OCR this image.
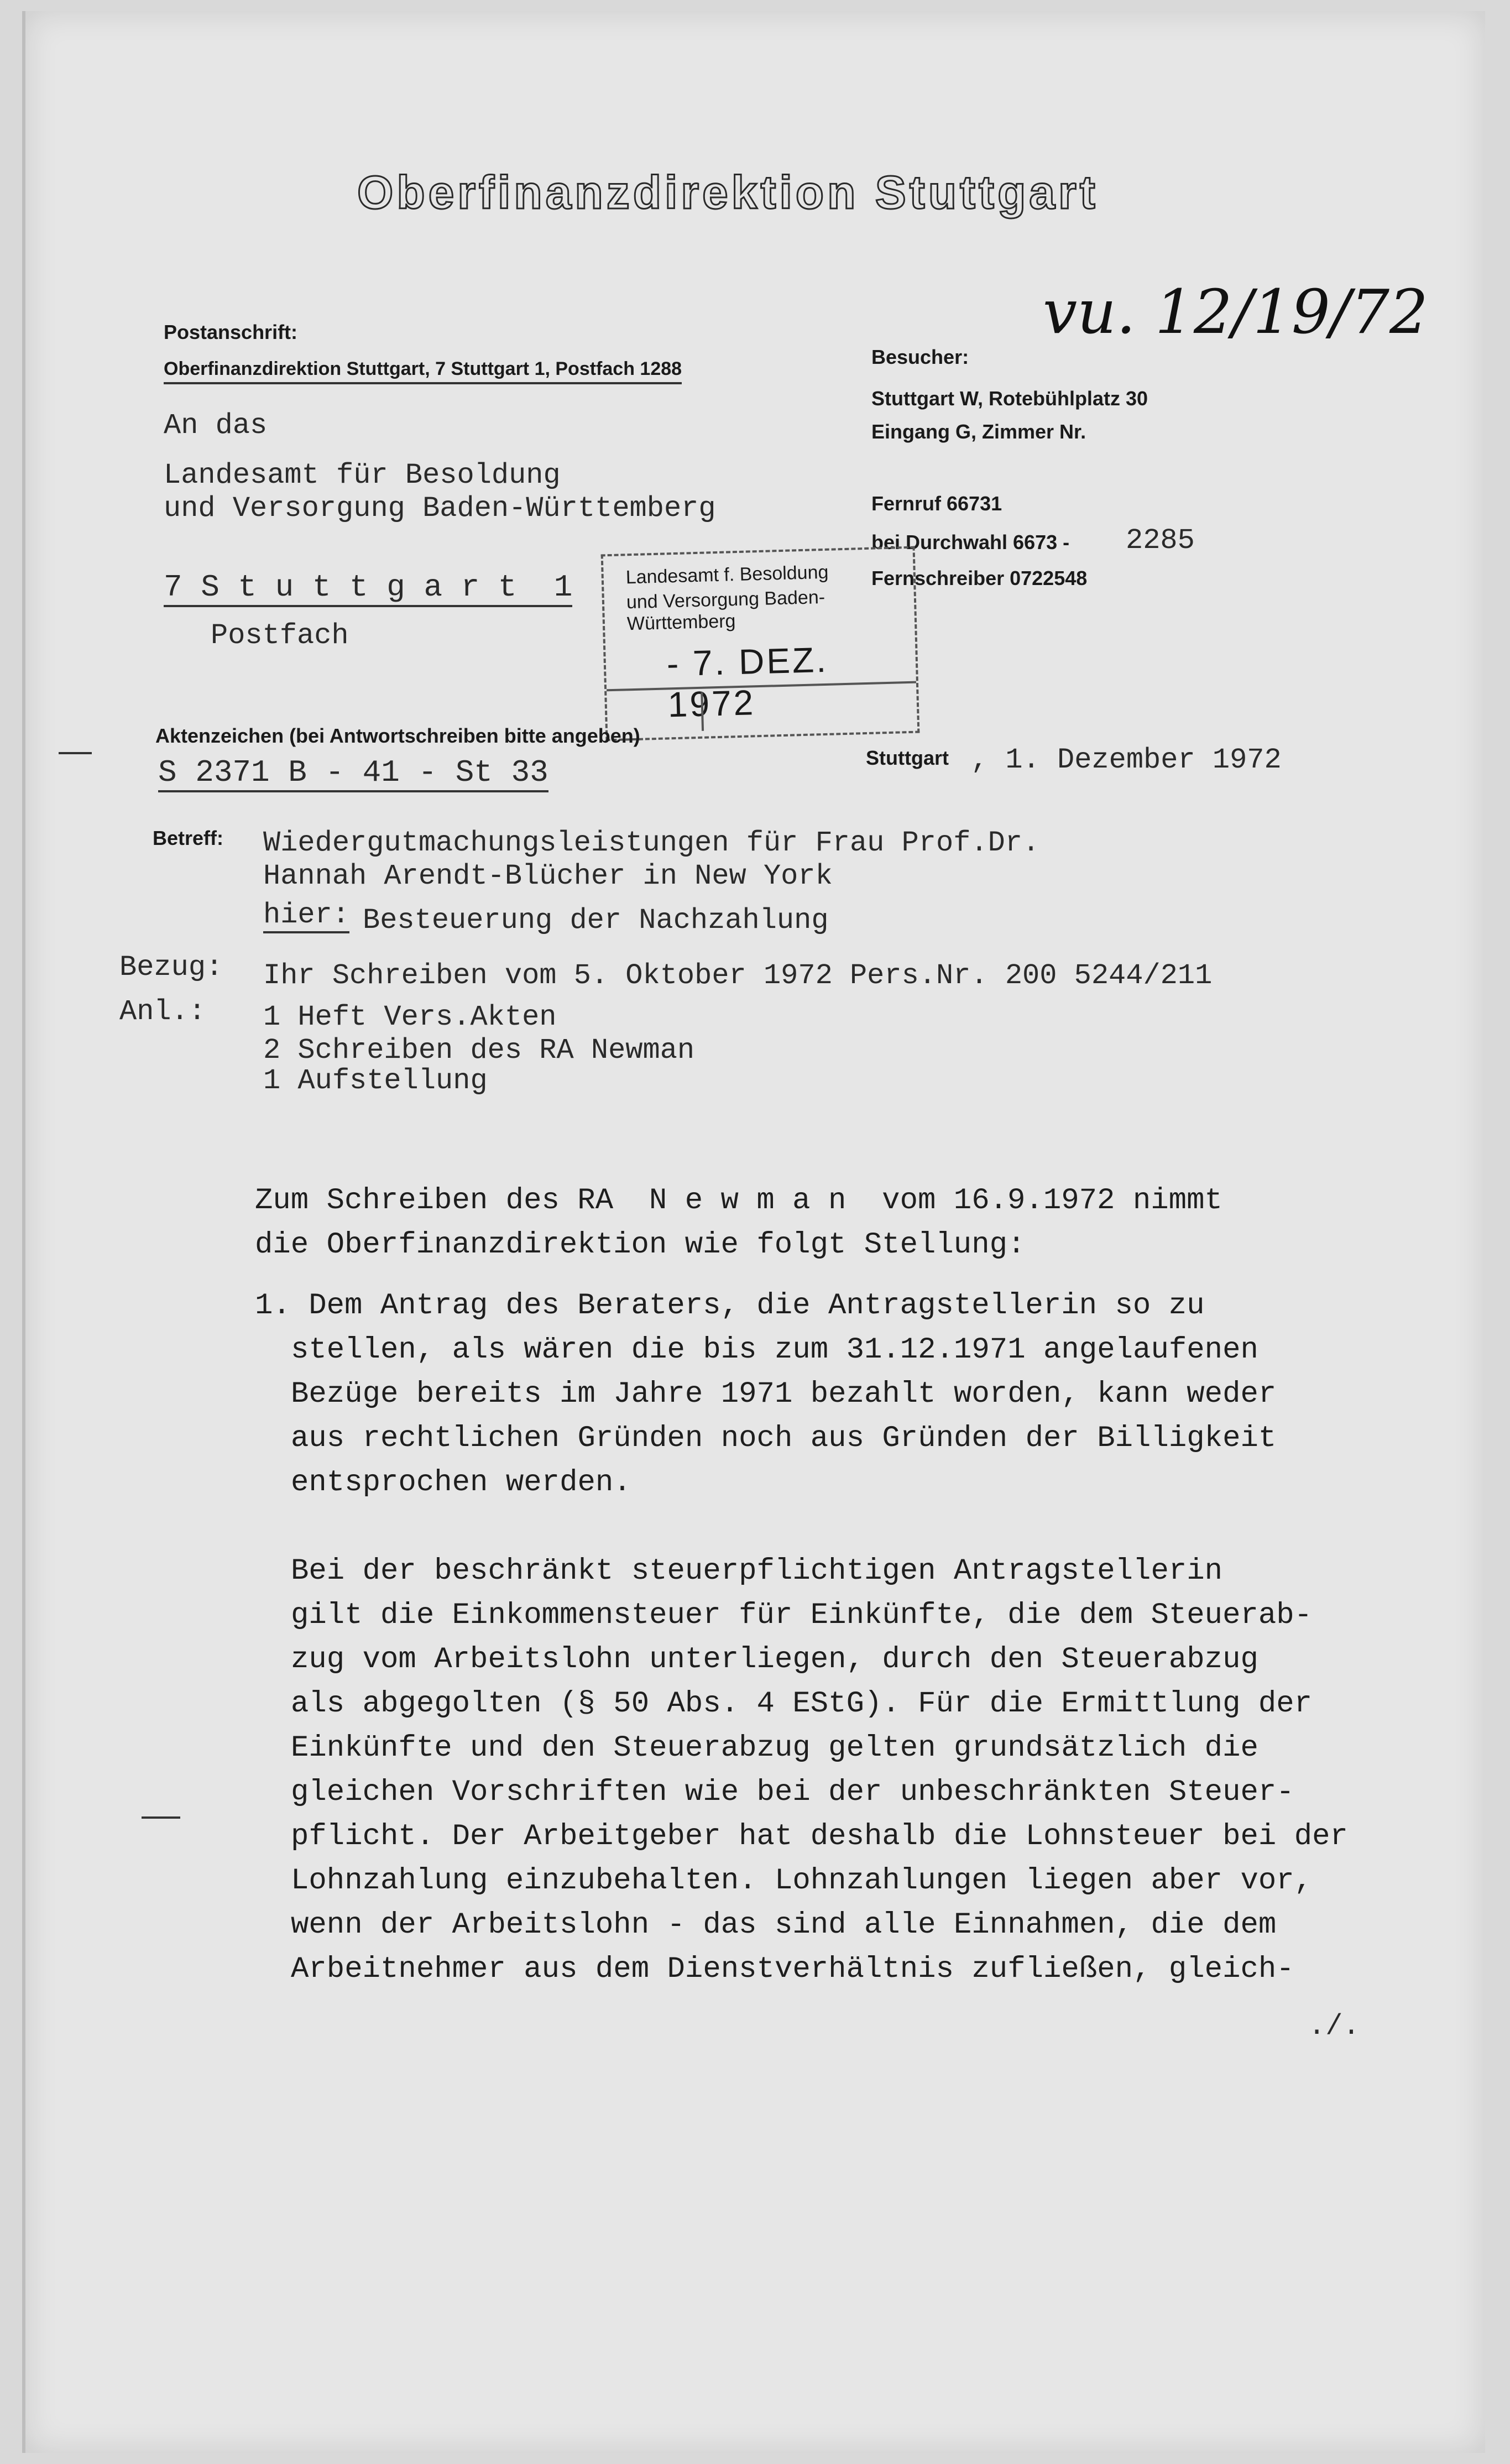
Oberfinanzdirektion Stuttgart
vu. 12/19/72
Postanschrift:
Oberfinanzdirektion Stuttgart, 7 Stuttgart 1, Postfach 1288
An das
Landesamt für Besoldung
und Versorgung Baden-Württemberg
7 S t u t t g a r t  1
Postfach
Besucher:
Stuttgart W, Rotebühlplatz 30
Eingang G, Zimmer Nr.
Fernruf 66731
bei Durchwahl 6673 - 2285
Fernschreiber 0722548
Landesamt f. Besoldung
und Versorgung Baden-Württemberg
- 7. DEZ. 1972
Aktenzeichen (bei Antwortschreiben bitte angeben)
S 2371 B - 41 - St 33	Stuttgart , 1. Dezember 1972
Betreff: Wiedergutmachungsleistungen für Frau Prof.Dr.
Hannah Arendt-Blücher in New York
hier: Besteuerung der Nachzahlung
Bezug: Ihr Schreiben vom 5. Oktober 1972 Pers.Nr. 200 5244/211
Anl.: 1 Heft Vers.Akten
2 Schreiben des RA Newman
1 Aufstellung
Zum Schreiben des RA  N e w m a n  vom 16.9.1972 nimmt
die Oberfinanzdirektion wie folgt Stellung:
1. Dem Antrag des Beraters, die Antragstellerin so zu
stellen, als wären die bis zum 31.12.1971 angelaufenen
Bezüge bereits im Jahre 1971 bezahlt worden, kann weder
aus rechtlichen Gründen noch aus Gründen der Billigkeit
entsprochen werden.
Bei der beschränkt steuerpflichtigen Antragstellerin
gilt die Einkommensteuer für Einkünfte, die dem Steuerab-
zug vom Arbeitslohn unterliegen, durch den Steuerabzug
als abgegolten (§ 50 Abs. 4 EStG). Für die Ermittlung der
Einkünfte und den Steuerabzug gelten grundsätzlich die
gleichen Vorschriften wie bei der unbeschränkten Steuer-
pflicht. Der Arbeitgeber hat deshalb die Lohnsteuer bei der
Lohnzahlung einzubehalten. Lohnzahlungen liegen aber vor,
wenn der Arbeitslohn - das sind alle Einnahmen, die dem
Arbeitnehmer aus dem Dienstverhältnis zufließen, gleich-
./.
